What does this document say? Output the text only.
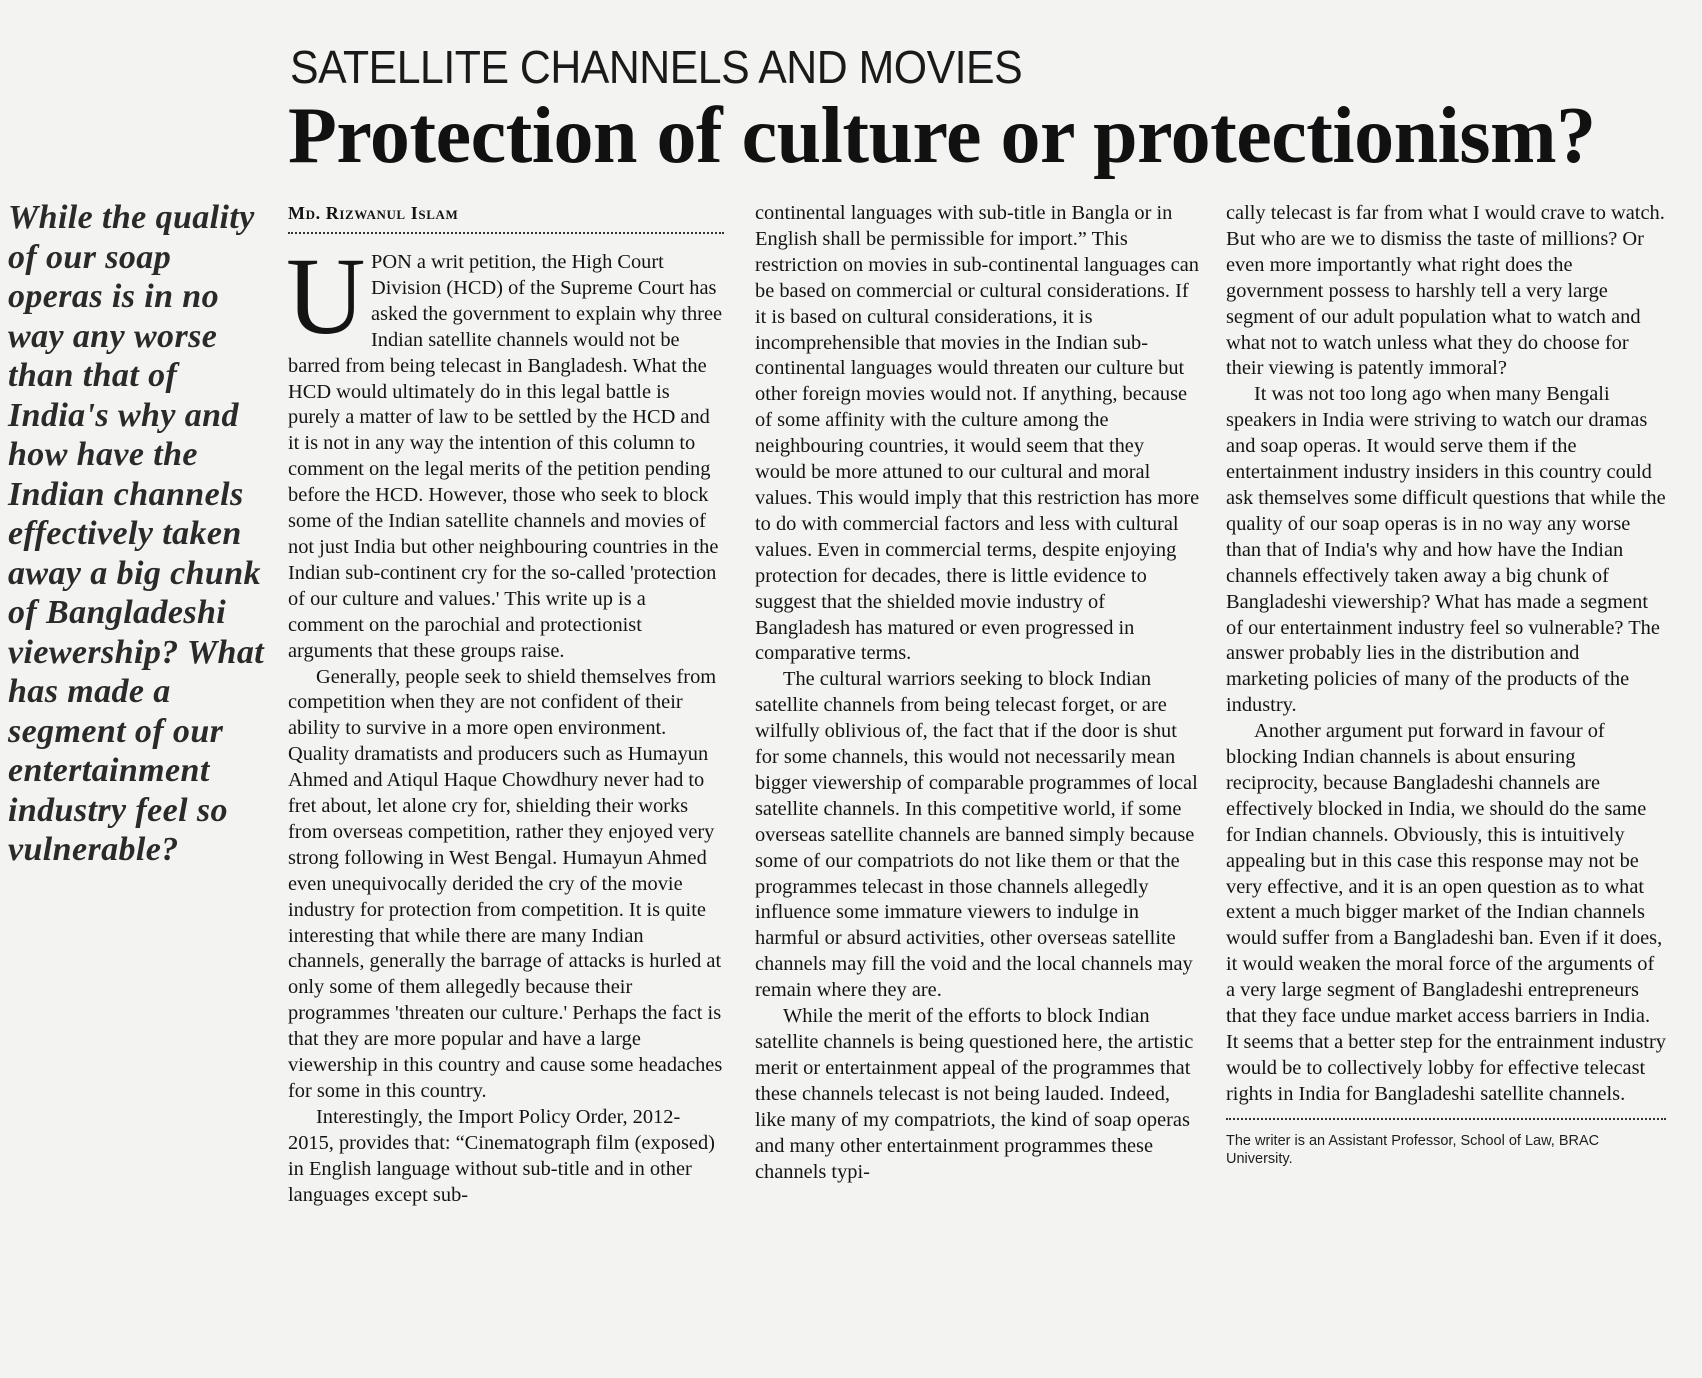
SATELLITE CHANNELS AND MOVIES
Protection of culture or protectionism?
While the quality of our soap operas is in no way any worse than that of India's why and how have the Indian channels effectively taken away a big chunk of Bangladeshi viewership? What has made a segment of our entertainment industry feel so vulnerable?
Md. Rizwanul Islam

UPON a writ petition, the High Court Division (HCD) of the Supreme Court has asked the government to explain why three Indian satellite channels would not be barred from being telecast in Bangladesh. What the HCD would ultimately do in this legal battle is purely a matter of law to be settled by the HCD and it is not in any way the intention of this column to comment on the legal merits of the petition pending before the HCD. However, those who seek to block some of the Indian satellite channels and movies of not just India but other neighbouring countries in the Indian sub-continent cry for the so-called 'protection of our culture and values.' This write up is a comment on the parochial and protectionist arguments that these groups raise.

Generally, people seek to shield themselves from competition when they are not confident of their ability to survive in a more open environment. Quality dramatists and producers such as Humayun Ahmed and Atiqul Haque Chowdhury never had to fret about, let alone cry for, shielding their works from overseas competition, rather they enjoyed very strong following in West Bengal. Humayun Ahmed even unequivocally derided the cry of the movie industry for protection from competition. It is quite interesting that while there are many Indian channels, generally the barrage of attacks is hurled at only some of them allegedly because their programmes 'threaten our culture.' Perhaps the fact is that they are more popular and have a large viewership in this country and cause some headaches for some in this country.

Interestingly, the Import Policy Order, 2012-2015, provides that: “Cinematograph film (exposed) in English language without sub-title and in other languages except sub-

continental languages with sub-title in Bangla or in English shall be permissible for import.” This restriction on movies in sub-continental languages can be based on commercial or cultural considerations. If it is based on cultural considerations, it is incomprehensible that movies in the Indian sub-continental languages would threaten our culture but other foreign movies would not. If anything, because of some affinity with the culture among the neighbouring countries, it would seem that they would be more attuned to our cultural and moral values. This would imply that this restriction has more to do with commercial factors and less with cultural values. Even in commercial terms, despite enjoying protection for decades, there is little evidence to suggest that the shielded movie industry of Bangladesh has matured or even progressed in comparative terms.

The cultural warriors seeking to block Indian satellite channels from being telecast forget, or are wilfully oblivious of, the fact that if the door is shut for some channels, this would not necessarily mean bigger viewership of comparable programmes of local satellite channels. In this competitive world, if some overseas satellite channels are banned simply because some of our compatriots do not like them or that the programmes telecast in those channels allegedly influence some immature viewers to indulge in harmful or absurd activities, other overseas satellite channels may fill the void and the local channels may remain where they are.

While the merit of the efforts to block Indian satellite channels is being questioned here, the artistic merit or entertainment appeal of the programmes that these channels telecast is not being lauded. Indeed, like many of my compatriots, the kind of soap operas and many other entertainment programmes these channels typi-

cally telecast is far from what I would crave to watch. But who are we to dismiss the taste of millions? Or even more importantly what right does the government possess to harshly tell a very large segment of our adult population what to watch and what not to watch unless what they do choose for their viewing is patently immoral?

It was not too long ago when many Bengali speakers in India were striving to watch our dramas and soap operas. It would serve them if the entertainment industry insiders in this country could ask themselves some difficult questions that while the quality of our soap operas is in no way any worse than that of India's why and how have the Indian channels effectively taken away a big chunk of Bangladeshi viewership? What has made a segment of our entertainment industry feel so vulnerable? The answer probably lies in the distribution and marketing policies of many of the products of the industry.

Another argument put forward in favour of blocking Indian channels is about ensuring reciprocity, because Bangladeshi channels are effectively blocked in India, we should do the same for Indian channels. Obviously, this is intuitively appealing but in this case this response may not be very effective, and it is an open question as to what extent a much bigger market of the Indian channels would suffer from a Bangladeshi ban. Even if it does, it would weaken the moral force of the arguments of a very large segment of Bangladeshi entrepreneurs that they face undue market access barriers in India. It seems that a better step for the entrainment industry would be to collectively lobby for effective telecast rights in India for Bangladeshi satellite channels.

The writer is an Assistant Professor, School of Law, BRAC University.
